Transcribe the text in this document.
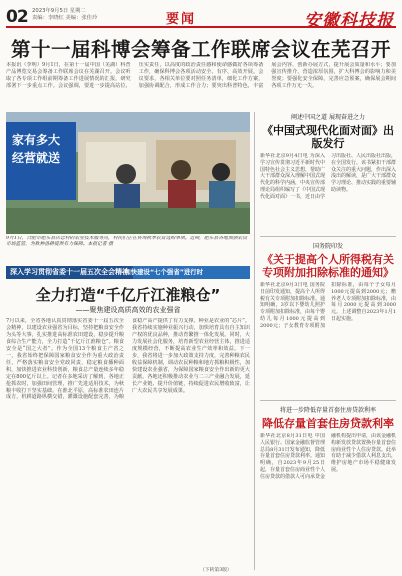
02 2023年9月5日 星期二
责编：李晓红 美编：张佳玲	要闻	安徽科技报
第十一届科博会筹备工作联席会议在芜召开
本报讯（李明）9月1日，在第十一届中国（芜湖）科普产品博览交易会筹备工作联席会议在芜湖召开。会议听取了各专项工作组前期筹备工作进展情况的汇报，研究部署下一步重点工作。会议强调，要进一步提高站位、压实责任，以高度的政治责任感和使命感做好各项筹备工作，确保科博会各项活动安全、有序、高效开展。会议要求，各相关单位要对照任务清单，细化工作方案，加强协调配合，形成工作合力；要突出科普特色，丰富展会内容，创新办展方式，提升展会质量和水平；要加强宣传推介，营造浓厚氛围，扩大科博会的影响力和美誉度；要强化安全保障，完善应急预案，确保展会期间各项工作万无一失。
家有多大
经营就送
9月1日，合肥市肥东县店忠村的农业技术服务点，村民们正在咨询秋季农资选购事项。近期，肥东县各地加强农资市场监管，为秋种备耕提供有力保障。本报记者 摄
深入学习贯彻省委十一届五次全会精神
—加快建设“七个强省”进行时
全力打造“千亿斤江淮粮仓”
——聚焦建设高质高效的农业强省
7月以来，全省各地认真贯彻落实省委十一届五次全会精神，以建设农业强省为目标，坚持把粮食安全作为头等大事，扎实推进高标准农田建设，稳步提升粮食综合生产能力，全力打造“千亿斤江淮粮仓”。粮食安全是“国之大者”。作为全国13个粮食主产省之一，我省始终把保障国家粮食安全作为重大政治责任，严格落实粮食安全党政同责，稳定粮食播种面积，加快推进农业科技创新，粮食总产量连续多年稳定在800亿斤以上。记者在多地采访了解到，各地正抢抓农时，加强田间管理，推广先进适用技术，为秋粮丰收打下坚实基础。在淮北平原，高标准农田连片成方，机耕道路纵横交错，灌溉设施配套完善，为粮食稳产高产提供了有力支撑。种业是农业的“芯片”。我省持续实施种业振兴行动，加快培育具有自主知识产权的优良品种，推动育繁推一体化发展。同时，大力发展社会化服务，培育新型农业经营主体，推进适度规模经营，不断提高农业生产效率和效益。下一步，我省将进一步加大政策支持力度，完善种粮农民收益保障机制，调动农民种粮和地方抓粮积极性，加快建设农业强省，为保障国家粮食安全作出新的更大贡献。各地还积极推动农业与二三产业融合发展，延长产业链、提升价值链，持续促进农民增收致富，让广大农民共享发展成果。
（下转第3版）
阐述中国之道 展现奋进之力
《中国式现代化面对面》出版发行
新华社北京9月4日电 为深入学习宣传贯彻习近平新时代中国特色社会主义思想，帮助广大干部群众深入理解中国式现代化的科学内涵，中央宣传部理论局组织编写了《中国式现代化面对面》一书，近日由学习出版社、人民出版社出版，在全国发行。该书紧扣干部群众关注的重大问题，作出深入浅出的解读，是广大干部群众学习理论、推动实践的重要辅助读物。
国务院印发
《关于提高个人所得税有关专项附加扣除标准的通知》
新华社北京9月3日电 国务院日前印发通知，提高个人所得税有关专项附加扣除标准。通知明确，3岁以下婴幼儿照护专项附加扣除标准，由每个婴幼儿每月1000元提高到2000元；子女教育专项附加扣除标准，由每个子女每月1000元提高到2000元；赡养老人专项附加扣除标准，由每月2000元提高到3000元。上述调整自2023年1月1日起实施。
将进一步降低存量首套住房贷款利率
降低存量首套住房贷款利率
新华社北京8月31日电 中国人民银行、国家金融监督管理总局8月31日发布通知，降低存量首套住房贷款利率。通知明确，自2023年9月25日起，存量首套住房商业性个人住房贷款的借款人可向承贷金融机构提出申请，由该金融机构新发放贷款置换存量首套住房商业性个人住房贷款。此举有助于减少借款人利息支出，维护房地产市场平稳健康发展。
